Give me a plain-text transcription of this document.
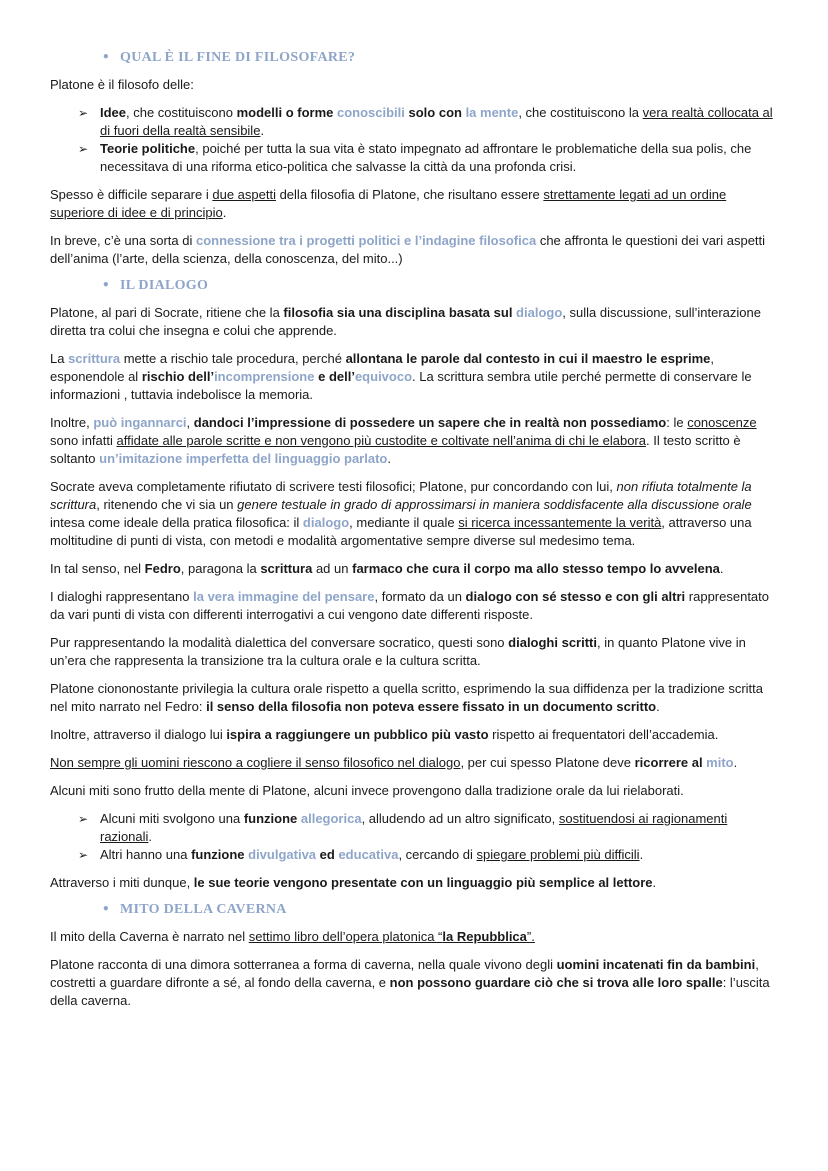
• QUAL È IL FINE DI FILOSOFARE?

Platone è il filosofo delle:

➢ Idee, che costituiscono modelli o forme conoscibili solo con la mente, che costituiscono la vera realtà collocata al di fuori della realtà sensibile.
➢ Teorie politiche, poiché per tutta la sua vita è stato impegnato ad affrontare le problematiche della sua polis, che necessitava di una riforma etico-politica che salvasse la città da una profonda crisi.

Spesso è difficile separare i due aspetti della filosofia di Platone, che risultano essere strettamente legati ad un ordine superiore di idee e di principio.

In breve, c’è una sorta di connessione tra i progetti politici e l’indagine filosofica che affronta le questioni dei vari aspetti dell’anima (l’arte, della scienza, della conoscenza, del mito...)

• IL DIALOGO

Platone, al pari di Socrate, ritiene che la filosofia sia una disciplina basata sul dialogo, sulla discussione, sull’interazione diretta tra colui che insegna e colui che apprende.

La scrittura mette a rischio tale procedura, perché allontana le parole dal contesto in cui il maestro le esprime, esponendole al rischio dell’incomprensione e dell’equivoco. La scrittura sembra utile perché permette di conservare le informazioni , tuttavia indebolisce la memoria.

Inoltre, può ingannarci, dandoci l’impressione di possedere un sapere che in realtà non possediamo: le conoscenze sono infatti affidate alle parole scritte e non vengono più custodite e coltivate nell’anima di chi le elabora. Il testo scritto è soltanto un’imitazione imperfetta del linguaggio parlato.

Socrate aveva completamente rifiutato di scrivere testi filosofici; Platone, pur concordando con lui, non rifiuta totalmente la scrittura, ritenendo che vi sia un genere testuale in grado di approssimarsi in maniera soddisfacente alla discussione orale intesa come ideale della pratica filosofica: il dialogo, mediante il quale si ricerca incessantemente la verità, attraverso una moltitudine di punti di vista, con metodi e modalità argomentative sempre diverse sul medesimo tema.

In tal senso, nel Fedro, paragona la scrittura ad un farmaco che cura il corpo ma allo stesso tempo lo avvelena.

I dialoghi rappresentano la vera immagine del pensare, formato da un dialogo con sé stesso e con gli altri rappresentato da vari punti di vista con differenti interrogativi a cui vengono date differenti risposte.

Pur rappresentando la modalità dialettica del conversare socratico, questi sono dialoghi scritti, in quanto Platone vive in un’era che rappresenta la transizione tra la cultura orale e la cultura scritta.

Platone ciononostante privilegia la cultura orale rispetto a quella scritto, esprimendo la sua diffidenza per la tradizione scritta nel mito narrato nel Fedro: il senso della filosofia non poteva essere fissato in un documento scritto.

Inoltre, attraverso il dialogo lui ispira a raggiungere un pubblico più vasto rispetto ai frequentatori dell’accademia.

Non sempre gli uomini riescono a cogliere il senso filosofico nel dialogo, per cui spesso Platone deve ricorrere al mito.

Alcuni miti sono frutto della mente di Platone, alcuni invece provengono dalla tradizione orale da lui rielaborati.

➢ Alcuni miti svolgono una funzione allegorica, alludendo ad un altro significato, sostituendosi ai ragionamenti razionali.
➢ Altri hanno una funzione divulgativa ed educativa, cercando di spiegare problemi più difficili.

Attraverso i miti dunque, le sue teorie vengono presentate con un linguaggio più semplice al lettore.

• MITO DELLA CAVERNA

Il mito della Caverna è narrato nel settimo libro dell’opera platonica “la Repubblica”.

Platone racconta di una dimora sotterranea a forma di caverna, nella quale vivono degli uomini incatenati fin da bambini, costretti a guardare difronte a sé, al fondo della caverna, e non possono guardare ciò che si trova alle loro spalle: l’uscita della caverna.
